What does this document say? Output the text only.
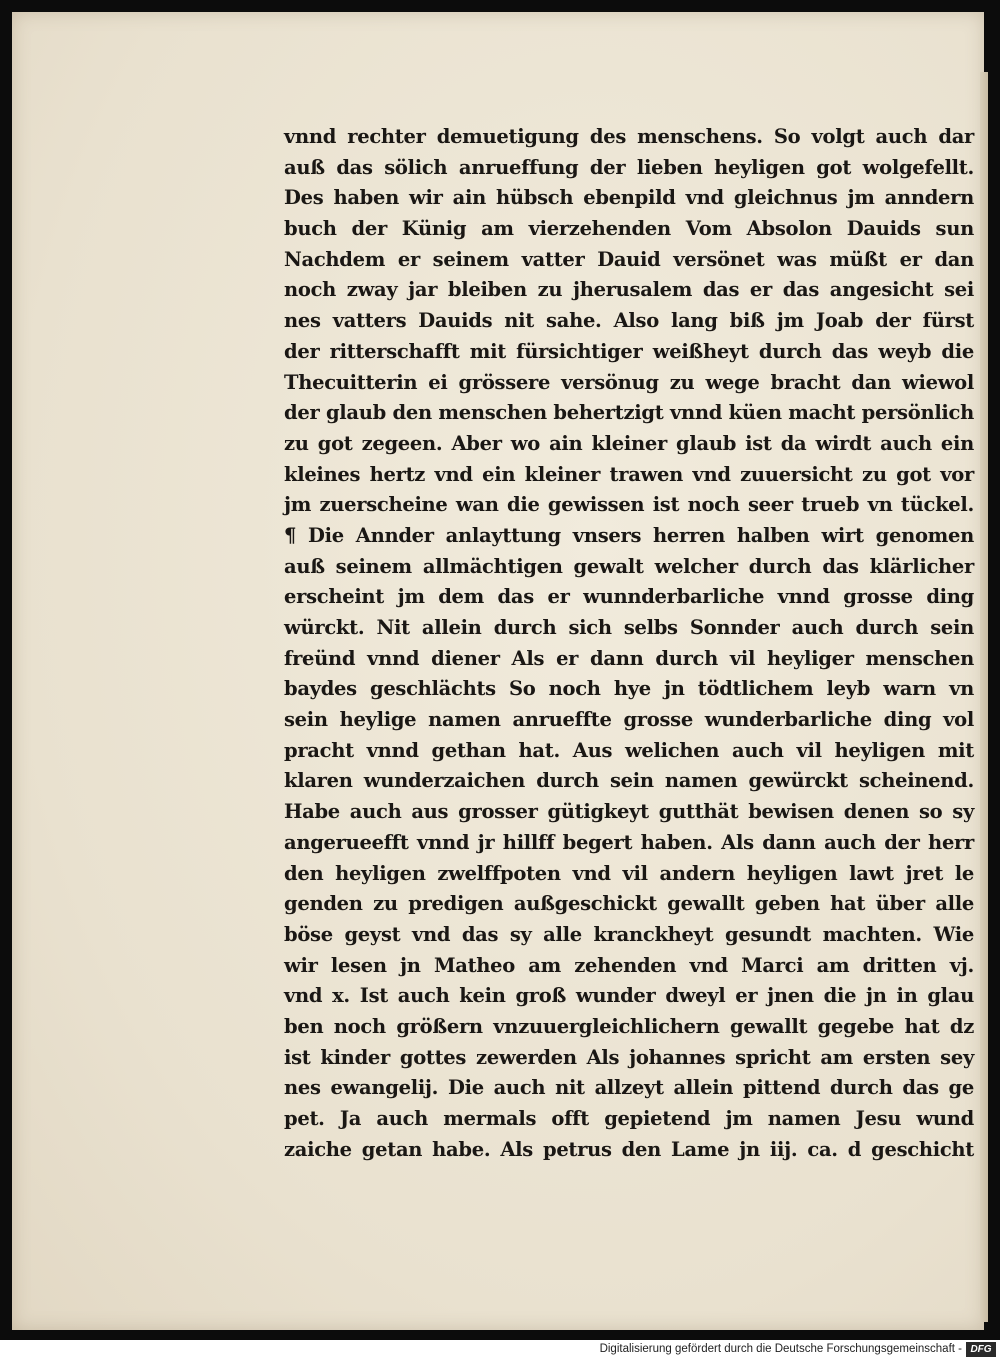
vnnd rechter demuetigung des menschens. So volgt auch dar
auß das sölich anrueffung der lieben heyligen got wolgefellt.
Des haben wir ain hübsch ebenpild vnd gleichnus jm anndern
buch der Künig am vierzehenden Vom Absolon Dauids sun
Nachdem er seinem vatter Dauid versönet was müßt er dan
noch zway jar bleiben zu jherusalem das er das angesicht sei
nes vatters Dauids nit sahe. Also lang biß jm Joab der fürst
der ritterschafft mit fürsichtiger weißheyt durch das weyb die
Thecuitterin ei grössere versönug zu wege bracht dan wiewol
der glaub den menschen behertzigt vnnd küen macht persönlich
zu got zegeen. Aber wo ain kleiner glaub ist da wirdt auch ein
kleines hertz vnd ein kleiner trawen vnd zuuersicht zu got vor
jm zuerscheine wan die gewissen ist noch seer trueb vn tückel.
¶ Die Annder anlayttung vnsers herren halben wirt genomen
auß seinem allmächtigen gewalt welcher durch das klärlicher
erscheint jm dem das er wunnderbarliche vnnd grosse ding
würckt. Nit allein durch sich selbs Sonnder auch durch sein
freünd vnnd diener Als er dann durch vil heyliger menschen
baydes geschlächts So noch hye jn tödtlichem leyb warn vn
sein heylige namen anrueffte grosse wunderbarliche ding vol
pracht vnnd gethan hat. Aus welichen auch vil heyligen mit
klaren wunderzaichen durch sein namen gewürckt scheinend.
Habe auch aus grosser gütigkeyt gutthät bewisen denen so sy
angerueefft vnnd jr hillff begert haben. Als dann auch der herr
den heyligen zwelffpoten vnd vil andern heyligen lawt jret le
genden zu predigen außgeschickt gewallt geben hat über alle
böse geyst vnd das sy alle kranckheyt gesundt machten. Wie
wir lesen jn Matheo am zehenden vnd Marci am dritten vj.
vnd x. Ist auch kein groß wunder dweyl er jnen die jn in glau
ben noch größern vnzuuergleichlichern gewallt gegebe hat dz
ist kinder gottes zewerden Als johannes spricht am ersten sey
nes ewangelij. Die auch nit allzeyt allein pittend durch das ge
pet. Ja auch mermals offt gepietend jm namen Jesu wund
zaiche getan habe. Als petrus den Lame jn iij. ca. d geschicht
Digitalisierung gefördert durch die Deutsche Forschungsgemeinschaft - DFG
